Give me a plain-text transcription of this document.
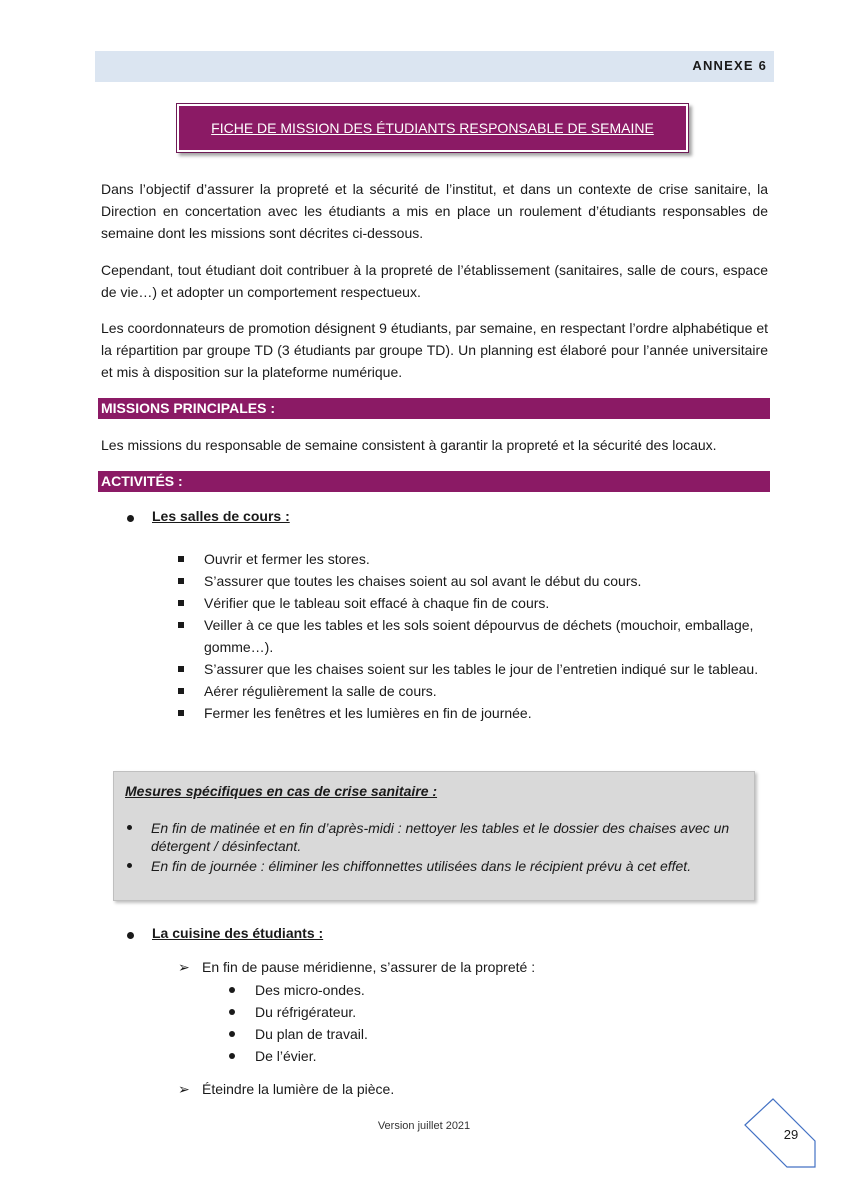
ANNEXE 6
FICHE DE MISSION DES ÉTUDIANTS RESPONSABLE DE SEMAINE

Dans l’objectif d’assurer la propreté et la sécurité de l’institut, et dans un contexte de crise sanitaire, la Direction en concertation avec les étudiants a mis en place un roulement d’étudiants responsables de semaine dont les missions sont décrites ci-dessous.

Cependant, tout étudiant doit contribuer à la propreté de l’établissement (sanitaires, salle de cours, espace de vie…) et adopter un comportement respectueux.

Les coordonnateurs de promotion désignent 9 étudiants, par semaine, en respectant l’ordre alphabétique et la répartition par groupe TD (3 étudiants par groupe TD). Un planning est élaboré pour l’année universitaire et mis à disposition sur la plateforme numérique.

MISSIONS PRINCIPALES :

Les missions du responsable de semaine consistent à garantir la propreté et la sécurité des locaux.

ACTIVITÉS :
Les salles de cours :
Ouvrir et fermer les stores.
S’assurer que toutes les chaises soient au sol avant le début du cours.
Vérifier que le tableau soit effacé à chaque fin de cours.
Veiller à ce que les tables et les sols soient dépourvus de déchets (mouchoir, emballage, gomme…).
S’assurer que les chaises soient sur les tables le jour de l’entretien indiqué sur le tableau.
Aérer régulièrement la salle de cours.
Fermer les fenêtres et les lumières en fin de journée.
Mesures spécifiques en cas de crise sanitaire :
En fin de matinée et en fin d’après-midi : nettoyer les tables et le dossier des chaises avec un détergent / désinfectant.
En fin de journée : éliminer les chiffonnettes utilisées dans le récipient prévu à cet effet.
La cuisine des étudiants :
➢ En fin de pause méridienne, s’assurer de la propreté :
Des micro-ondes.
Du réfrigérateur.
Du plan de travail.
De l’évier.
➢ Éteindre la lumière de la pièce.
Version juillet 2021
29
